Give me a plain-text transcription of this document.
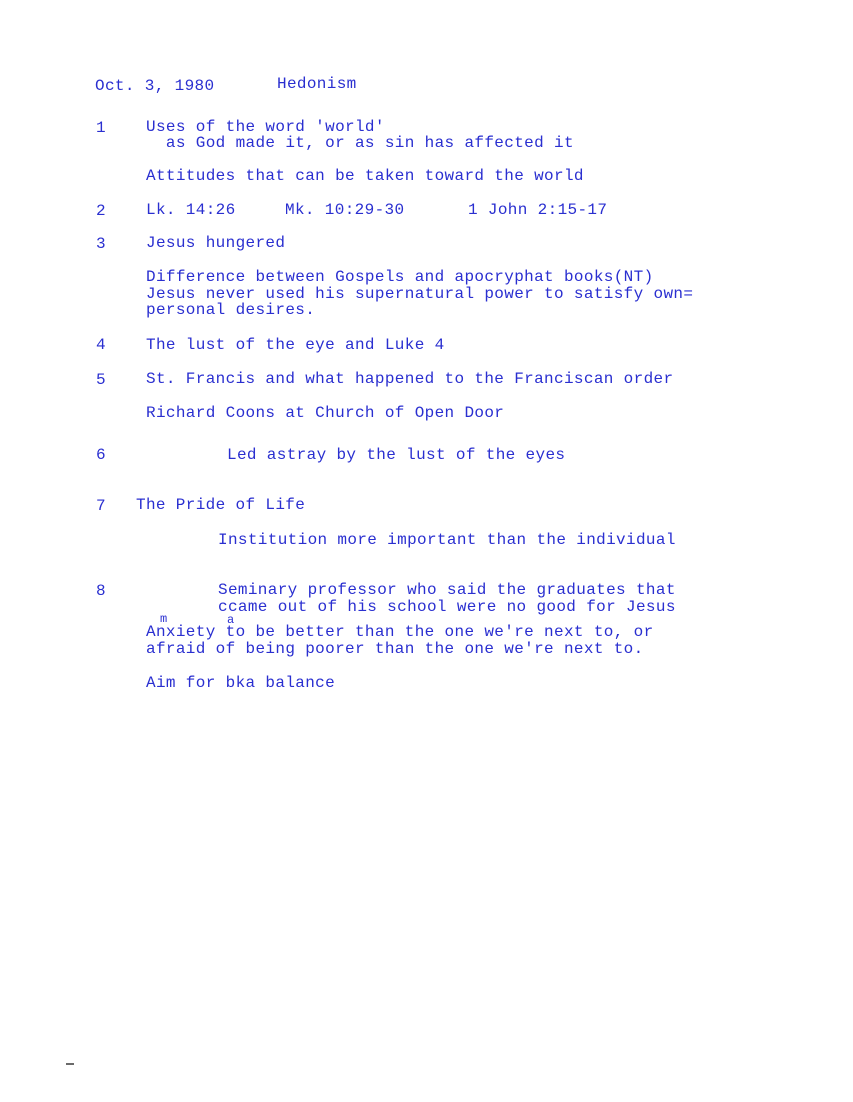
Oct. 3, 1980	Hedonism
1	Uses of the word 'world'
as God made it, or as sin has affected it
Attitudes that can be taken toward the world
2	Lk. 14:26	Mk. 10:29-30	1 John 2:15-17
3	Jesus hungered
Difference between Gospels and apocryphat books(NT)
Jesus never used his supernatural power to satisfy own=
personal desires.
4	The lust of the eye and Luke 4
5	St. Francis and what happened to the Franciscan order
Richard Coons at Church of Open Door
6	Led astray by the lust of the eyes
7 The Pride of Life
Institution more important than the individual
8	Seminary professor who said the graduates that
ccame out of his school were no good for Jesus
m	a
Anxiety to be better than the one we're next to, or
afraid of being poorer than the one we're next to.
Aim for bka balance
